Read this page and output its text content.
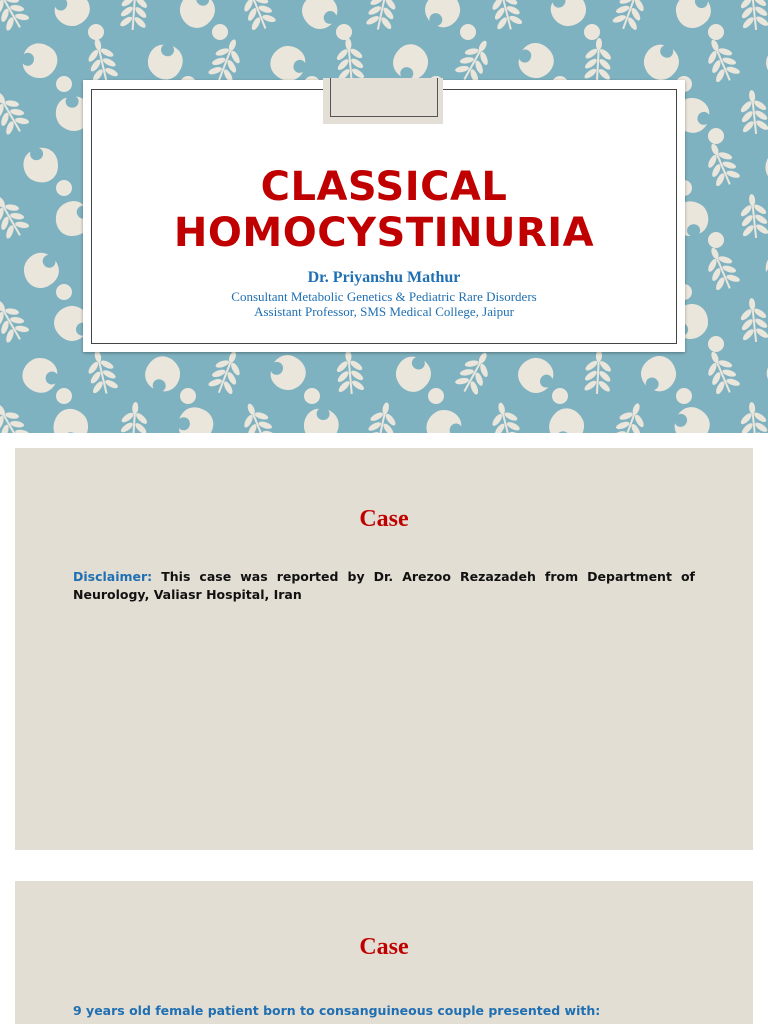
CLASSICAL
HOMOCYSTINURIA
Dr. Priyanshu Mathur
Consultant Metabolic Genetics & Pediatric Rare Disorders
Assistant Professor, SMS Medical College, Jaipur
Case
Disclaimer: This case was reported by Dr. Arezoo Rezazadeh from Department of Neurology, Valiasr Hospital, Iran
Case
9 years old female patient born to consanguineous couple presented with:
